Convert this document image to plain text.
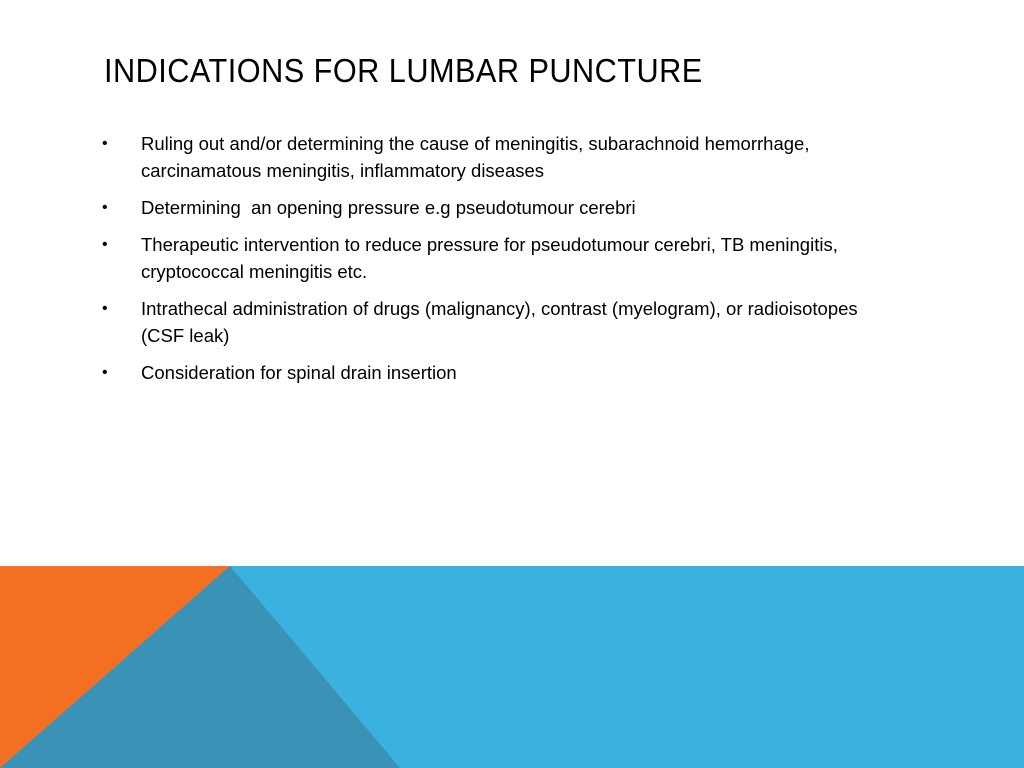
INDICATIONS FOR LUMBAR PUNCTURE
•	Ruling out and/or determining the cause of meningitis, subarachnoid hemorrhage, carcinamatous meningitis, inflammatory diseases
•	Determining  an opening pressure e.g pseudotumour cerebri
•	Therapeutic intervention to reduce pressure for pseudotumour cerebri, TB meningitis, cryptococcal meningitis etc.
•	Intrathecal administration of drugs (malignancy), contrast (myelogram), or radioisotopes (CSF leak)
•	Consideration for spinal drain insertion
